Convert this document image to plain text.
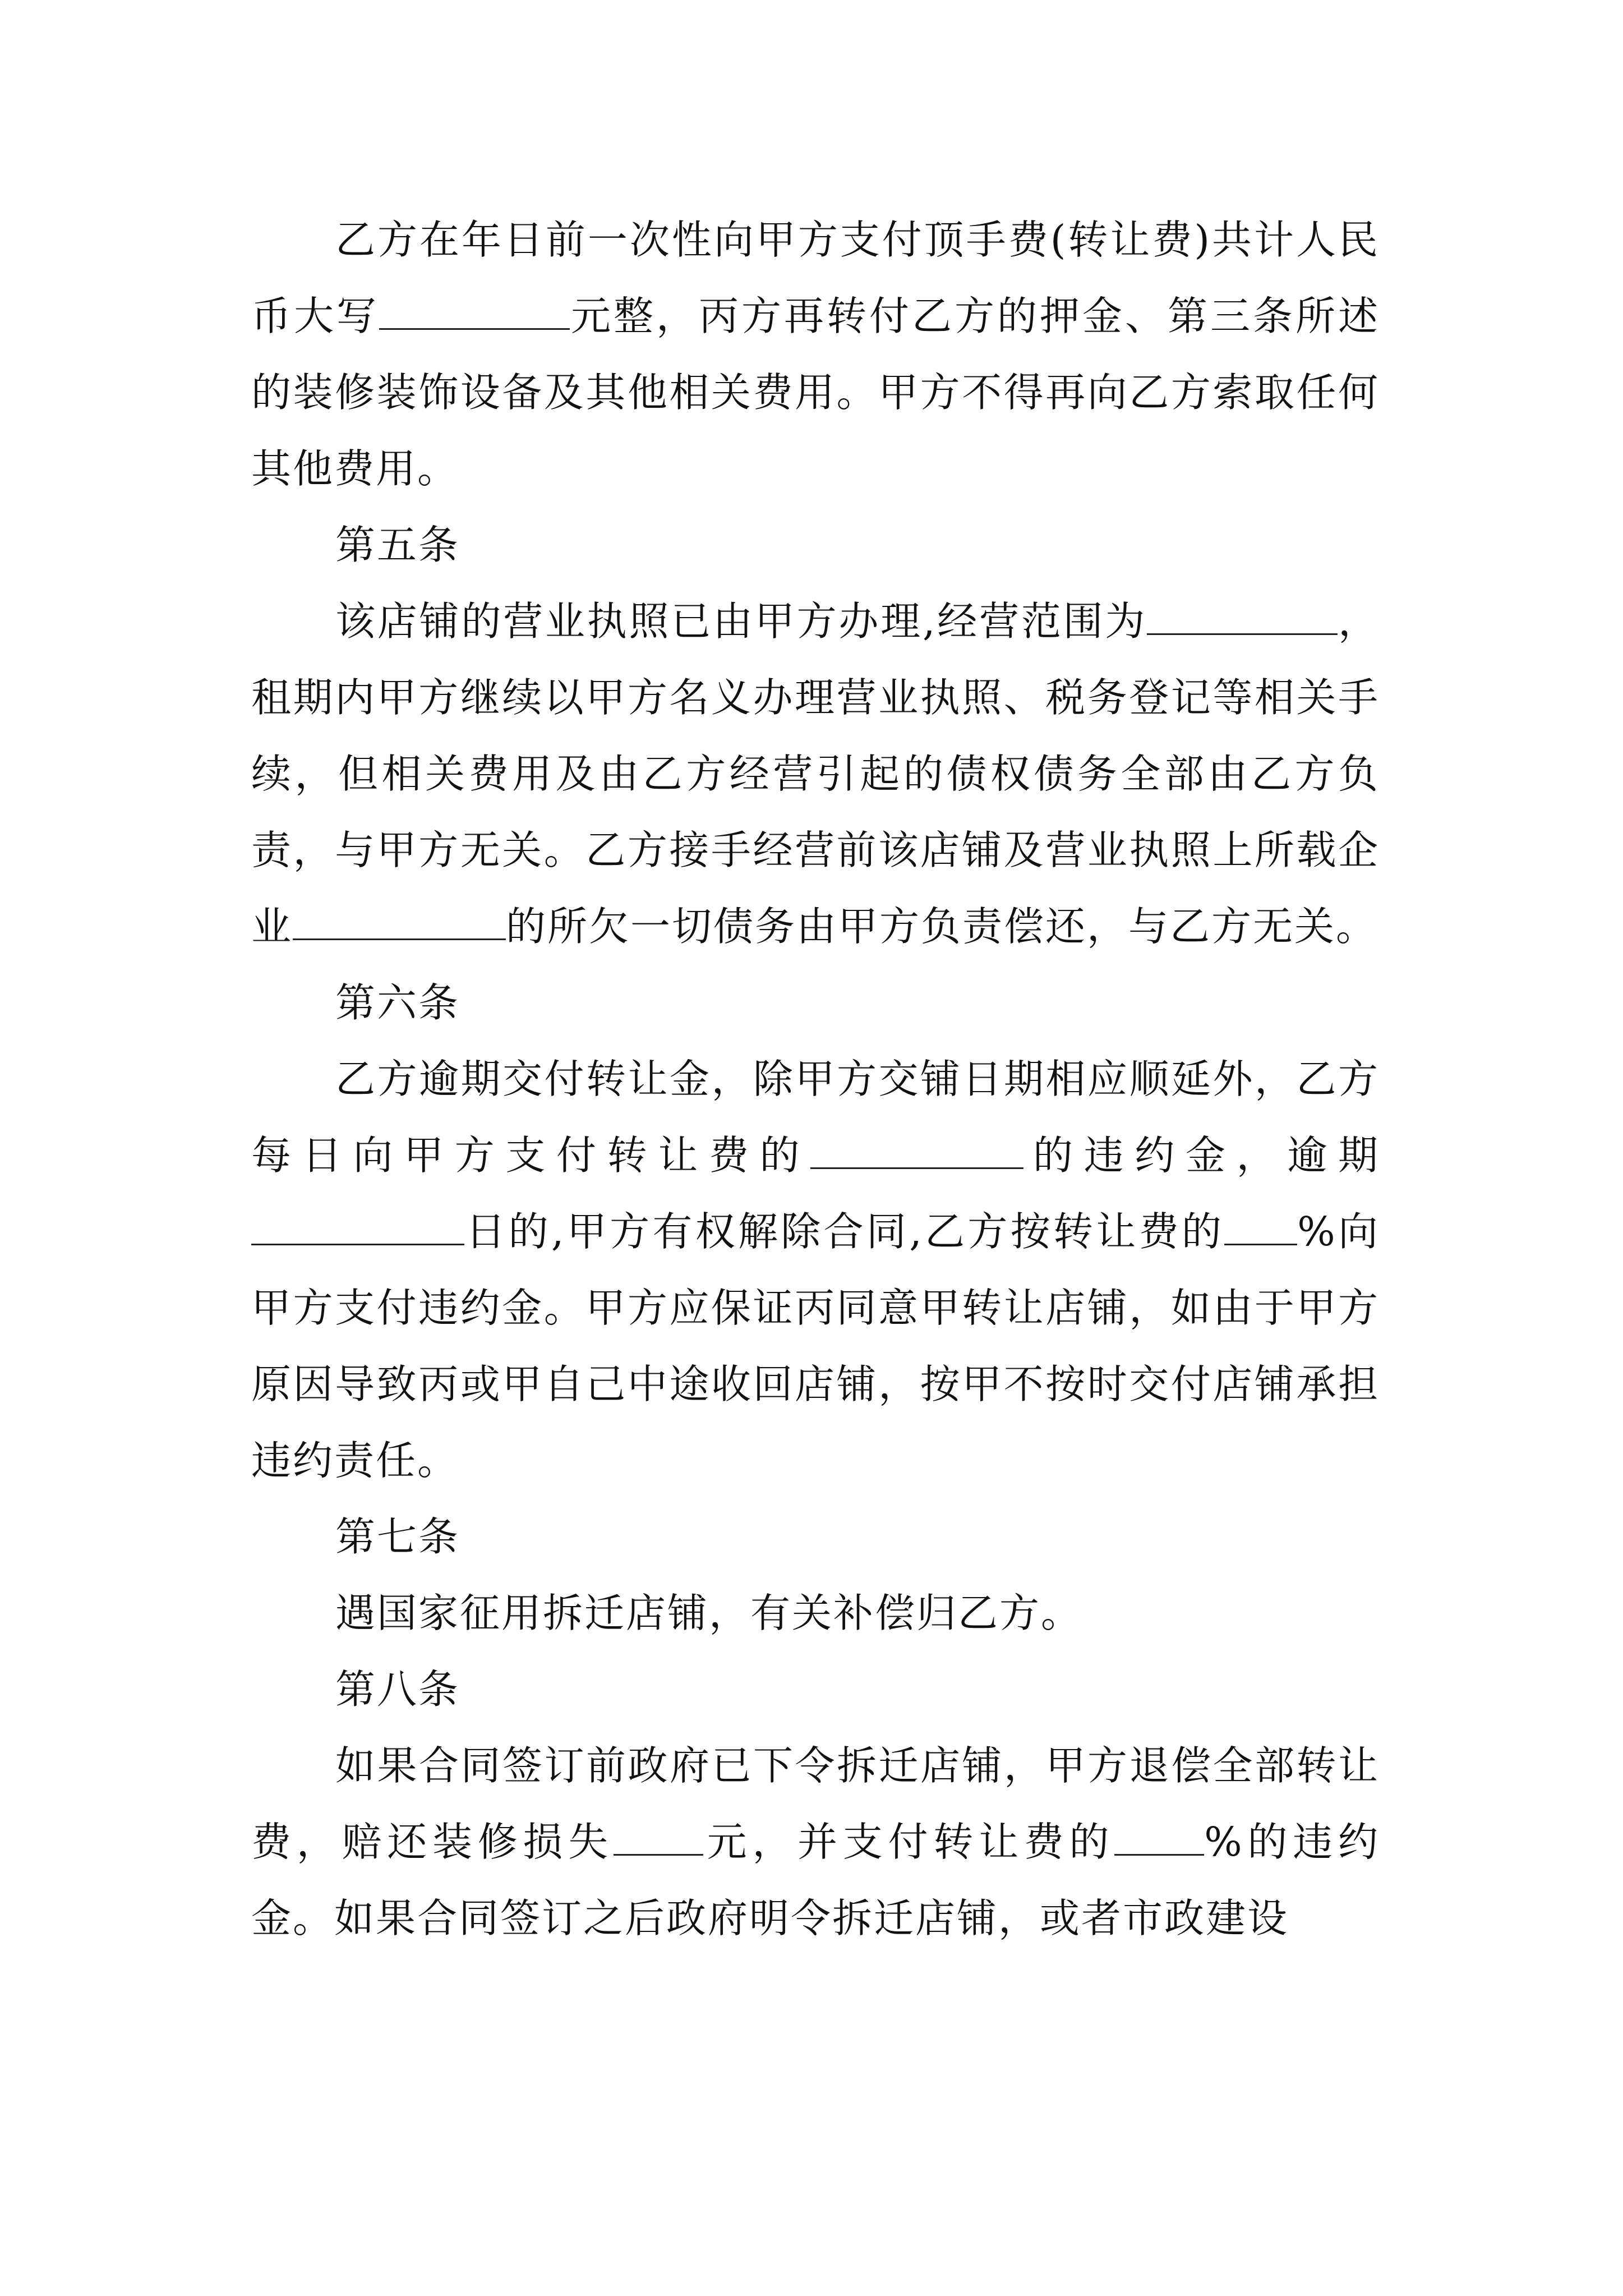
乙方在年日前一次性向甲方支付顶手费(转让费)共计人民币大写	元整，丙方再转付乙方的押金、第三条所述的装修装饰设备及其他相关费用。甲方不得再向乙方索取任何其他费用。

第五条

该店铺的营业执照已由甲方办理,经营范围为	，租期内甲方继续以甲方名义办理营业执照、税务登记等相关手续，但相关费用及由乙方经营引起的债权债务全部由乙方负责，与甲方无关。乙方接手经营前该店铺及营业执照上所载企业	的所欠一切债务由甲方负责偿还，与乙方无关。

第六条

乙方逾期交付转让金，除甲方交铺日期相应顺延外，乙方每日向甲方支付转让费的	的违约金，逾期日的,甲方有权解除合同,乙方按转让费的 %向甲方支付违约金。甲方应保证丙同意甲转让店铺，如由于甲方原因导致丙或甲自己中途收回店铺，按甲不按时交付店铺承担违约责任。

第七条

遇国家征用拆迁店铺，有关补偿归乙方。

第八条

如果合同签订前政府已下令拆迁店铺，甲方退偿全部转让费，赔还装修损失 元，并支付转让费的 %的违约金。如果合同签订之后政府明令拆迁店铺，或者市政建设
